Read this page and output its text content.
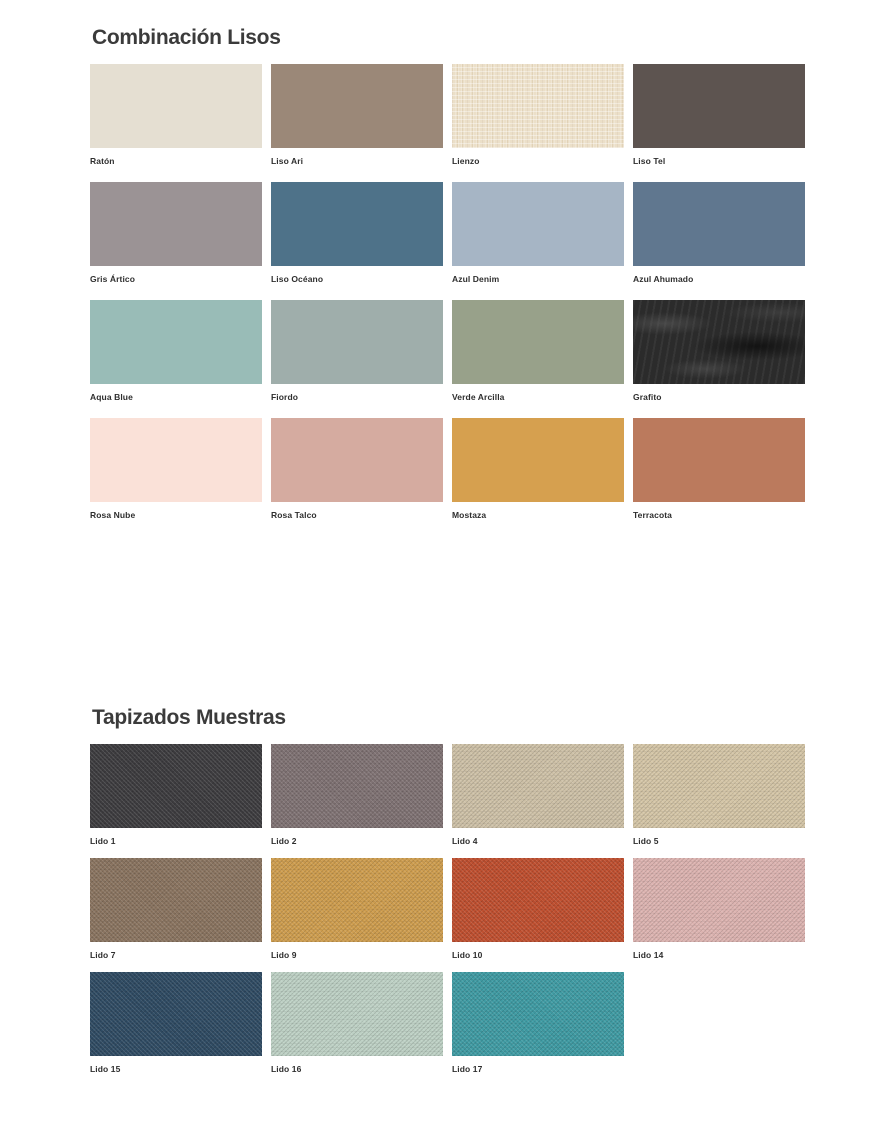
Combinación Lisos
Ratón	Liso Ari	Lienzo	Liso Tel
Gris Ártico	Liso Océano	Azul Denim	Azul Ahumado
Aqua Blue	Fiordo	Verde Arcilla	Grafito
Rosa Nube	Rosa Talco	Mostaza	Terracota
Tapizados Muestras
Lido 1	Lido 2	Lido 4	Lido 5
Lido 7	Lido 9	Lido 10	Lido 14
Lido 15	Lido 16	Lido 17
